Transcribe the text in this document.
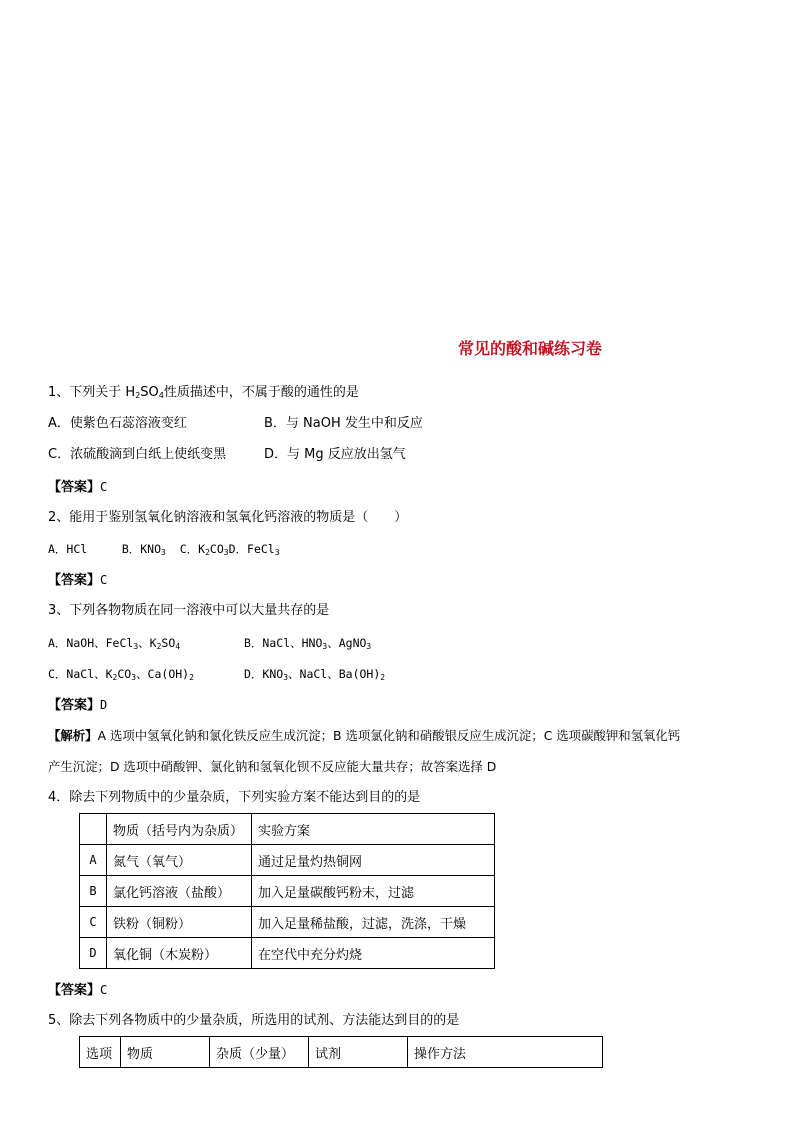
常见的酸和碱练习卷
1、下列关于 $H_2SO_4$性质描述中，不属于酸的通性的是
A．使紫色石蕊溶液变红	B．与 NaOH 发生中和反应
C．浓硫酸滴到白纸上使纸变黑	D．与 Mg 反应放出氢气
【答案】C
2、能用于鉴别氢氧化钠溶液和氢氧化钙溶液的物质是（　　）
A．HCl	B．$KNO_3$ C．$K_2CO_3D$．FeCl$_3$
【答案】C
3、下列各物物质在同一溶液中可以大量共存的是
A．NaOH、FeCl$_3$、$K_2SO_4$	B．NaCl、$HNO_3$、AgNO$_3$
C．NaCl、$K_2CO_3$、$Ca(OH)_2$	D．$KNO_3$、NaCl、$Ba(OH)_2$
【答案】D
【解析】A 选项中氢氧化钠和氯化铁反应生成沉淀；B 选项氯化钠和硝酸银反应生成沉淀；C 选项碳酸钾和氢氧化钙
产生沉淀；D 选项中硝酸钾、氯化钠和氢氧化钡不反应能大量共存；故答案选择 D
4．除去下列物质中的少量杂质，下列实验方案不能达到目的的是
	物质（括号内为杂质）	实验方案
A	氮气（氧气）	通过足量灼热铜网
B	氯化钙溶液（盐酸）	加入足量碳酸钙粉末，过滤
C	铁粉（铜粉）	加入足量稀盐酸，过滤，洗涤，干燥
D	氧化铜（木炭粉）	在空代中充分灼烧
【答案】C
5、除去下列各物质中的少量杂质，所选用的试剂、方法能达到目的的是
选项	物质	杂质（少量）	试剂	操作方法
